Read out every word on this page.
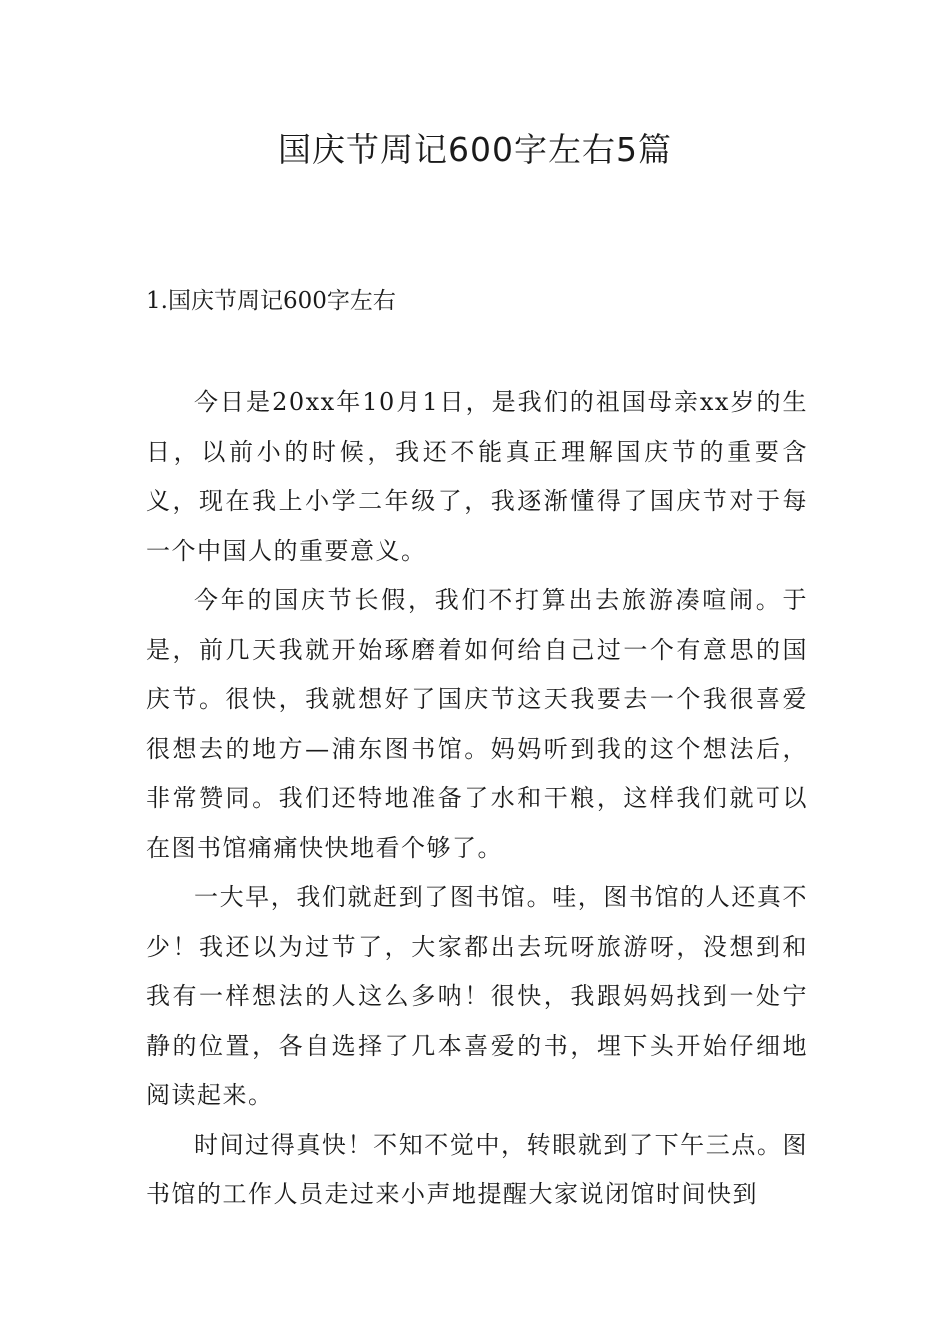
国庆节周记600字左右5篇
1.国庆节周记600字左右

今日是20xx年10月1日，是我们的祖国母亲xx岁的生日，以前小的时候，我还不能真正理解国庆节的重要含义，现在我上小学二年级了，我逐渐懂得了国庆节对于每一个中国人的重要意义。

今年的国庆节长假，我们不打算出去旅游凑喧闹。于是，前几天我就开始琢磨着如何给自己过一个有意思的国庆节。很快，我就想好了国庆节这天我要去一个我很喜爱很想去的地方—浦东图书馆。妈妈听到我的这个想法后，非常赞同。我们还特地准备了水和干粮，这样我们就可以在图书馆痛痛快快地看个够了。

一大早，我们就赶到了图书馆。哇，图书馆的人还真不少！我还以为过节了，大家都出去玩呀旅游呀，没想到和我有一样想法的人这么多呐！很快，我跟妈妈找到一处宁静的位置，各自选择了几本喜爱的书，埋下头开始仔细地阅读起来。

时间过得真快！不知不觉中，转眼就到了下午三点。图书馆的工作人员走过来小声地提醒大家说闭馆时间快到
